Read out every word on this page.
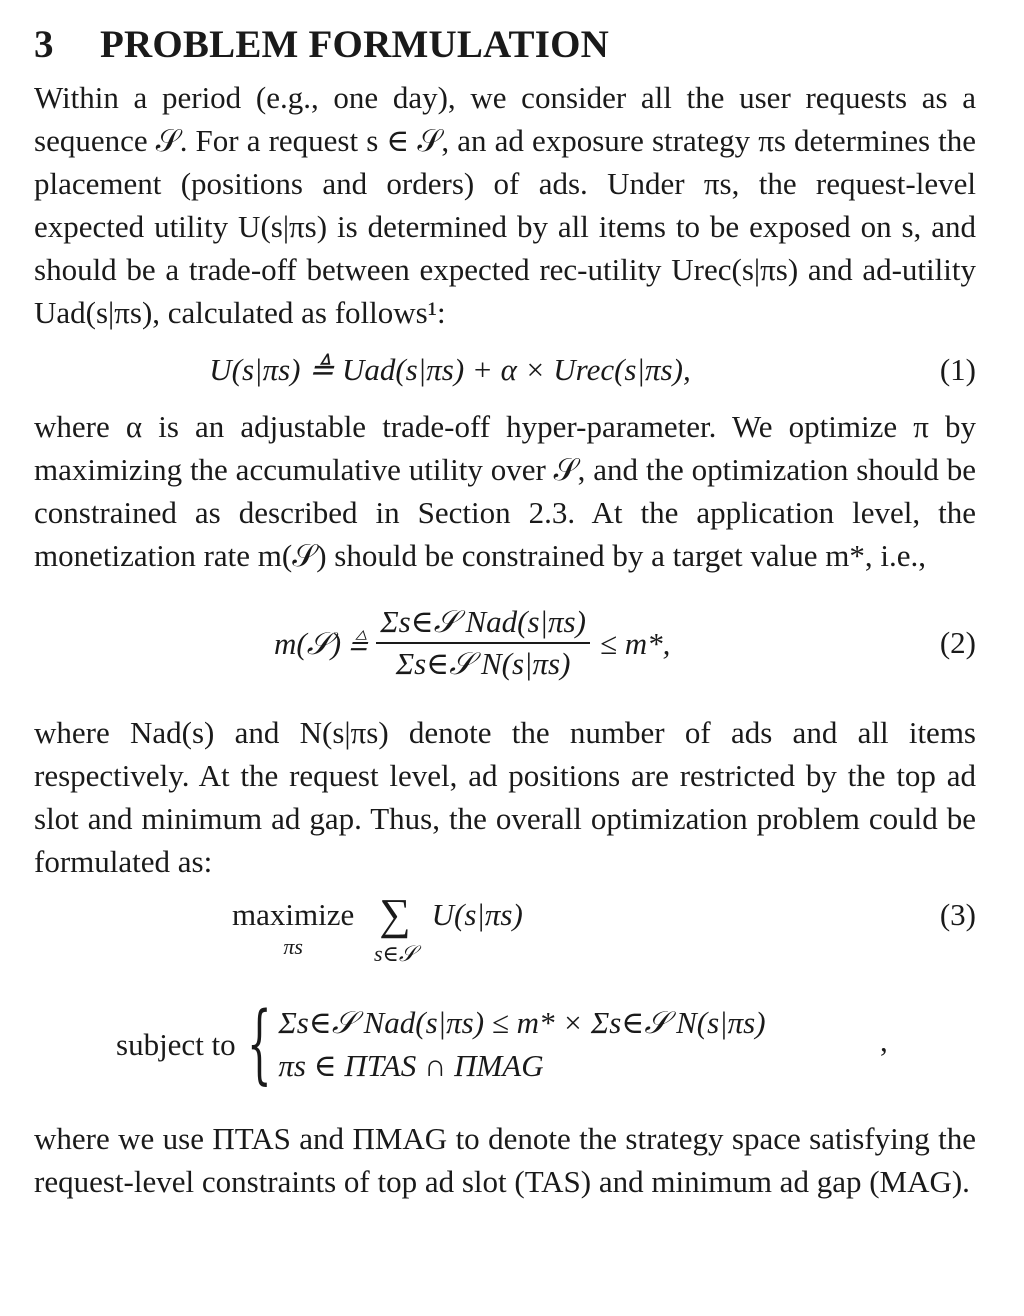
3 PROBLEM FORMULATION

Within a period (e.g., one day), we consider all the user requests as a sequence 𝒮. For a request s ∈ 𝒮, an ad exposure strategy πs determines the placement (positions and orders) of ads. Under πs, the request-level expected utility U(s|πs) is determined by all items to be exposed on s, and should be a trade-off between expected rec-utility Urec(s|πs) and ad-utility Uad(s|πs), calculated as follows¹:

U(s|πs) ≜ Uad(s|πs) + α × Urec(s|πs),	(1)

where α is an adjustable trade-off hyper-parameter. We optimize π by maximizing the accumulative utility over 𝒮, and the optimization should be constrained as described in Section 2.3. At the application level, the monetization rate m(𝒮) should be constrained by a target value m*, i.e.,

m(𝒮) ≜ $\frac{\text{Σs∈𝒮 Nad(s|πs)}}{\text{Σs∈𝒮 N(s|πs)}} \le m*$,	(2)

where Nad(s) and N(s|πs) denote the number of ads and all items respectively. At the request level, ad positions are restricted by the top ad slot and minimum ad gap. Thus, the overall optimization problem could be formulated as:

maximize
πs

∑
s∈𝒮
U(s|πs)	(3)
subject to { Σs∈𝒮 Nad(s|πs) ≤ m* × Σs∈𝒮 N(s|πs)
πs ∈ ΠTAS ∩ ΠMAG
,

where we use ΠTAS and ΠMAG to denote the strategy space satisfying the request-level constraints of top ad slot (TAS) and minimum ad gap (MAG).
